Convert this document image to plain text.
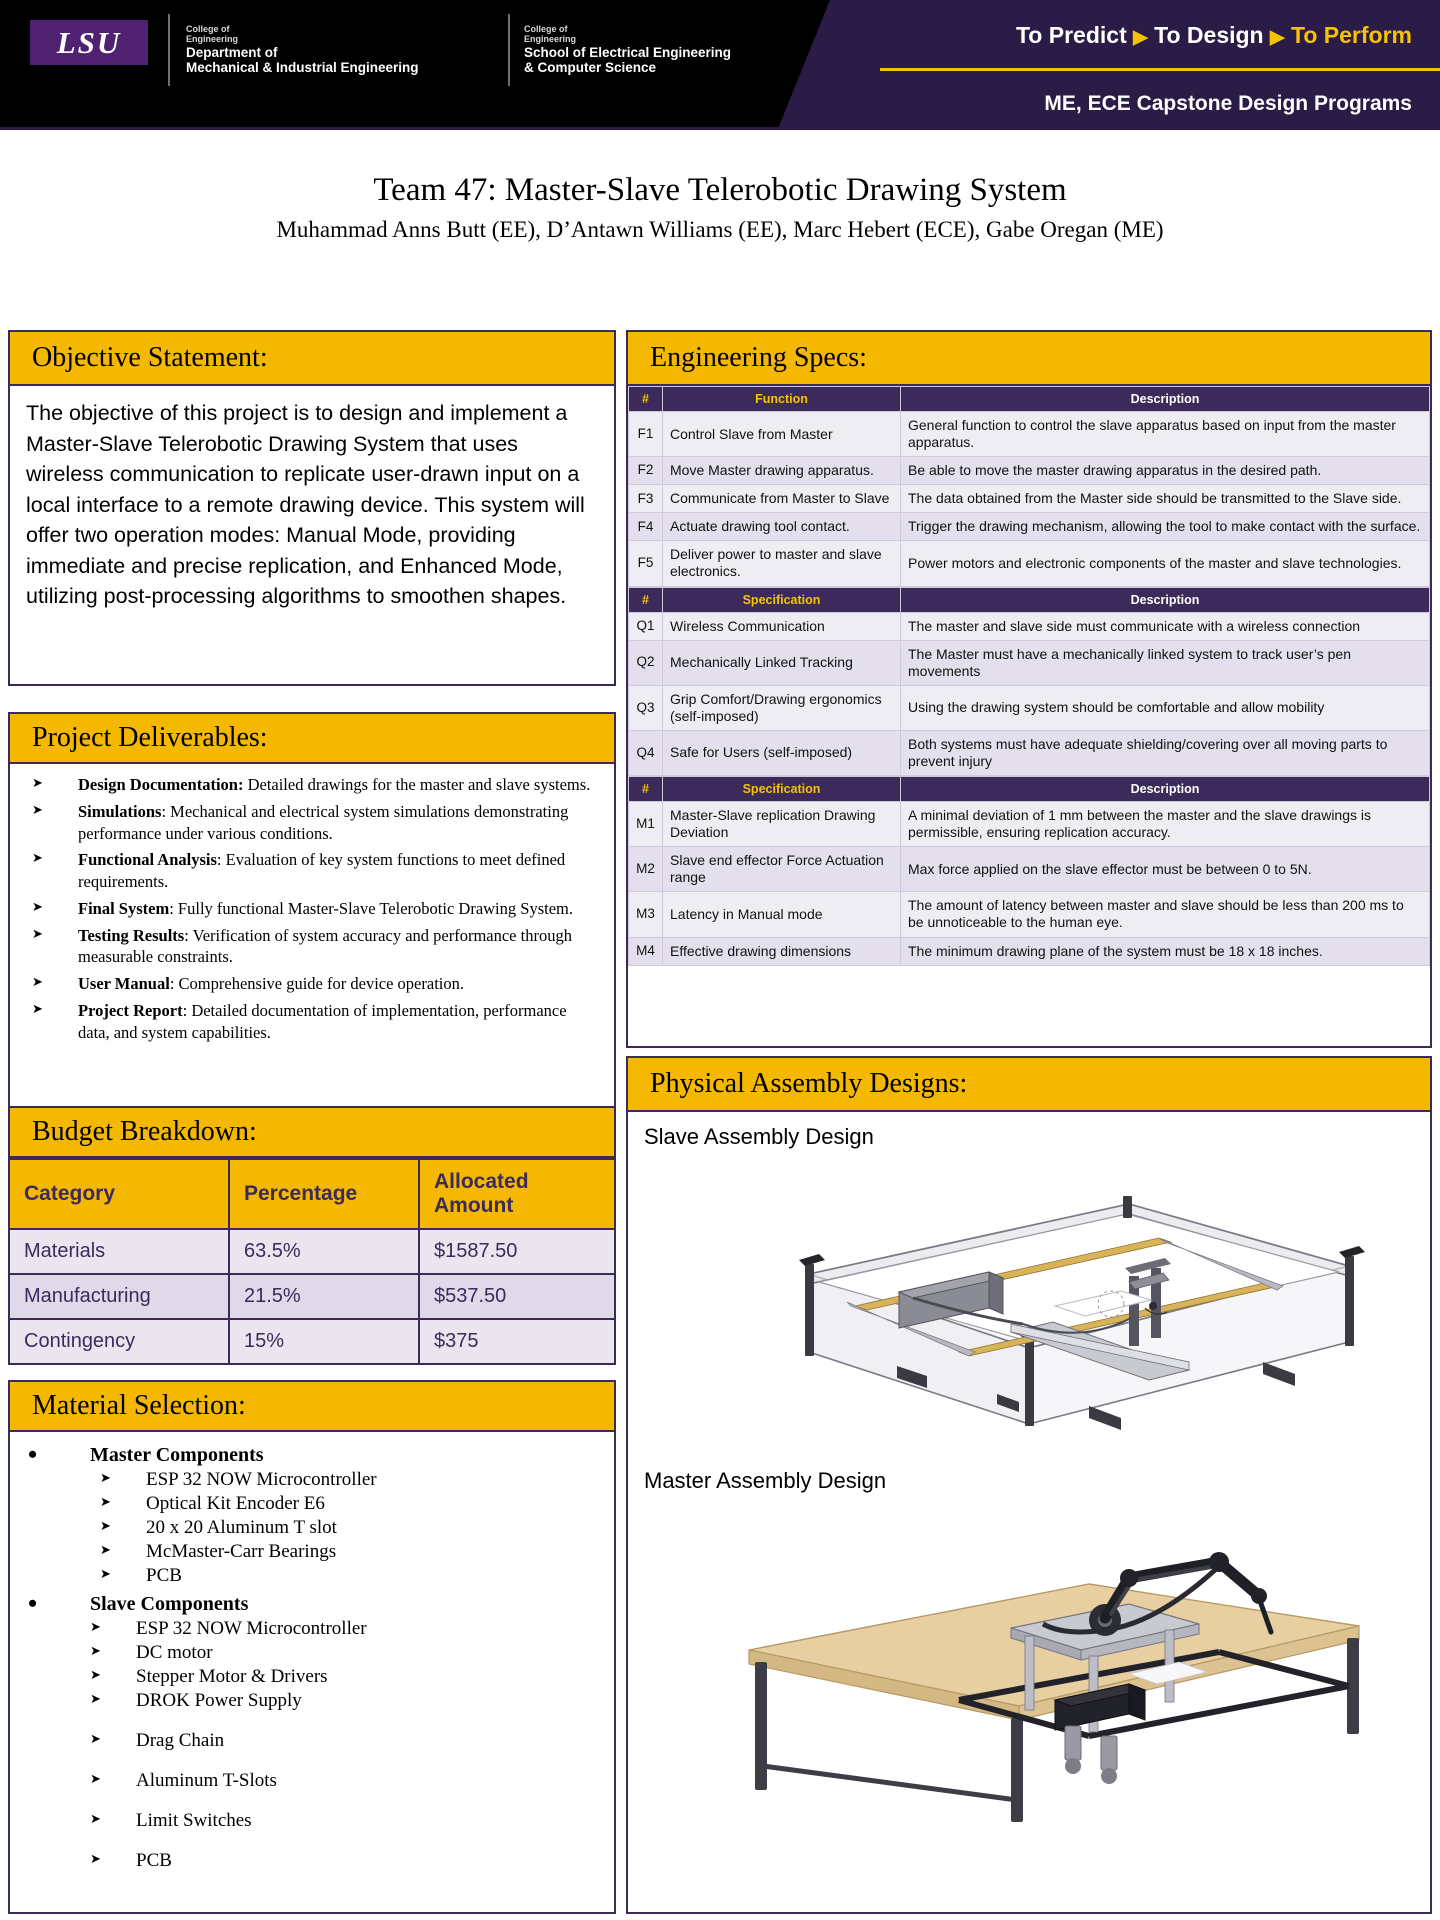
LSU	College of
Engineering
Department of
Mechanical & Industrial Engineering
College of
Engineering
School of Electrical Engineering
& Computer Science
To Predict ▶ To Design ▶ To Perform
ME, ECE Capstone Design Programs
Team 47: Master-Slave Telerobotic Drawing System
Muhammad Anns Butt (EE), D’Antawn Williams (EE), Marc Hebert (ECE), Gabe Oregan (ME)
Objective Statement:
The objective of this project is to design and implement a Master-Slave Telerobotic Drawing System that uses wireless communication to replicate user-drawn input on a local interface to a remote drawing device. This system will offer two operation modes: Manual Mode, providing immediate and precise replication, and Enhanced Mode, utilizing post-processing algorithms to smoothen shapes.
Project Deliverables:
➤ Design Documentation: Detailed drawings for the master and slave systems.
➤ Simulations: Mechanical and electrical system simulations demonstrating performance under various conditions.
➤ Functional Analysis: Evaluation of key system functions to meet defined requirements.
➤ Final System: Fully functional Master-Slave Telerobotic Drawing System.
➤ Testing Results: Verification of system accuracy and performance through measurable constraints.
➤ User Manual: Comprehensive guide for device operation.
➤ Project Report: Detailed documentation of implementation, performance data, and system capabilities.
Budget Breakdown:
Category	Percentage	Allocated Amount
Materials	63.5%	$1587.50
Manufacturing	21.5%	$537.50
Contingency	15%	$375
Material Selection:
• Master Components
➤ ESP 32 NOW Microcontroller
➤ Optical Kit Encoder E6
➤ 20 x 20 Aluminum T slot
➤ McMaster-Carr Bearings
➤ PCB
• Slave Components
➤ ESP 32 NOW Microcontroller
➤ DC motor
➤ Stepper Motor & Drivers
➤ DROK Power Supply
➤ Drag Chain
➤ Aluminum T-Slots
➤ Limit Switches
➤ PCB
Engineering Specs:
#	Function	Description
F1	Control Slave from Master	General function to control the slave apparatus based on input from the master apparatus.
F2	Move Master drawing apparatus.	Be able to move the master drawing apparatus in the desired path.
F3	Communicate from Master to Slave	The data obtained from the Master side should be transmitted to the Slave side.
F4	Actuate drawing tool contact.	Trigger the drawing mechanism, allowing the tool to make contact with the surface.
F5	Deliver power to master and slave electronics.	Power motors and electronic components of the master and slave technologies.
#	Specification	Description
Q1	Wireless Communication	The master and slave side must communicate with a wireless connection
Q2	Mechanically Linked Tracking	The Master must have a mechanically linked system to track user’s pen movements
Q3	Grip Comfort/Drawing ergonomics (self-imposed)	Using the drawing system should be comfortable and allow mobility
Q4	Safe for Users (self-imposed)	Both systems must have adequate shielding/covering over all moving parts to prevent injury
#	Specification	Description
M1	Master-Slave replication Drawing Deviation	A minimal deviation of 1 mm between the master and the slave drawings is permissible, ensuring replication accuracy.
M2	Slave end effector Force Actuation range	Max force applied on the slave effector must be between 0 to 5N.
M3	Latency in Manual mode	The amount of latency between master and slave should be less than 200 ms to be unnoticeable to the human eye.
M4	Effective drawing dimensions	The minimum drawing plane of the system must be 18 x 18 inches.
Physical Assembly Designs:
Slave Assembly Design
Master Assembly Design
